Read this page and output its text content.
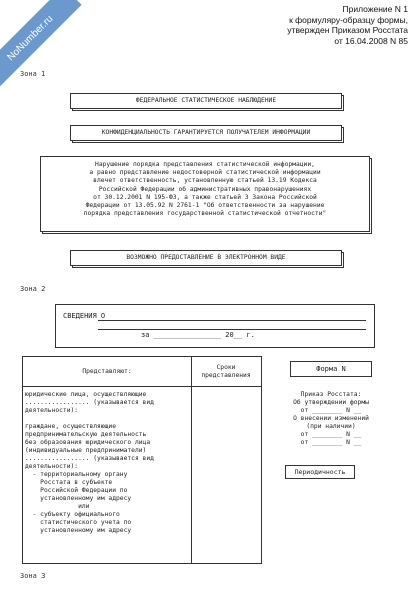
NoNumber.ru
Приложение N 1
к формуляру-образцу формы,
утвержден Приказом Росстата
от 16.04.2008 N 85
Зона 1
ФЕДЕРАЛЬНОЕ СТАТИСТИЧЕСКОЕ НАБЛЮДЕНИЕ
КОНФИДЕНЦИАЛЬНОСТЬ ГАРАНТИРУЕТСЯ ПОЛУЧАТЕЛЕМ ИНФОРМАЦИИ
Нарушение порядка представления статистической информации,
а равно представление недостоверной статистической информации
влечет ответственность, установленную статьей 13.19 Кодекса
Российской Федерации об административных правонарушениях
от 30.12.2001 N 195-ФЗ, а также статьей 3 Закона Российской
Федерации от 13.05.92 N 2761-1 "Об ответственности за нарушение
порядка представления государственной статистической отчетности"
ВОЗМОЖНО ПРЕДОСТАВЛЕНИЕ В ЭЛЕКТРОННОМ ВИДЕ
Зона 2
СВЕДЕНИЯ О
за ________________ 20__ г.
Представляют:
Сроки
представления
юридические лица, осуществляющие
................. (указывается вид
деятельности):

граждане, осуществляющие
предпринимательскую деятельность
без образования юридического лица
(индивидуальные предприниматели)
................. (указывается вид
деятельности):
- территориальному органу
Росстата в субъекте
Российской Федерации по
установленному им адресу
или
- субъекту официального
статистического учета по
установленному им адресу
Форма N
Приказ Росстата:
Об утверждении формы
от ________ N __
О внесении изменений
(при наличии)
от ________ N __
от ________ N __
Периодичность
Зона 3
